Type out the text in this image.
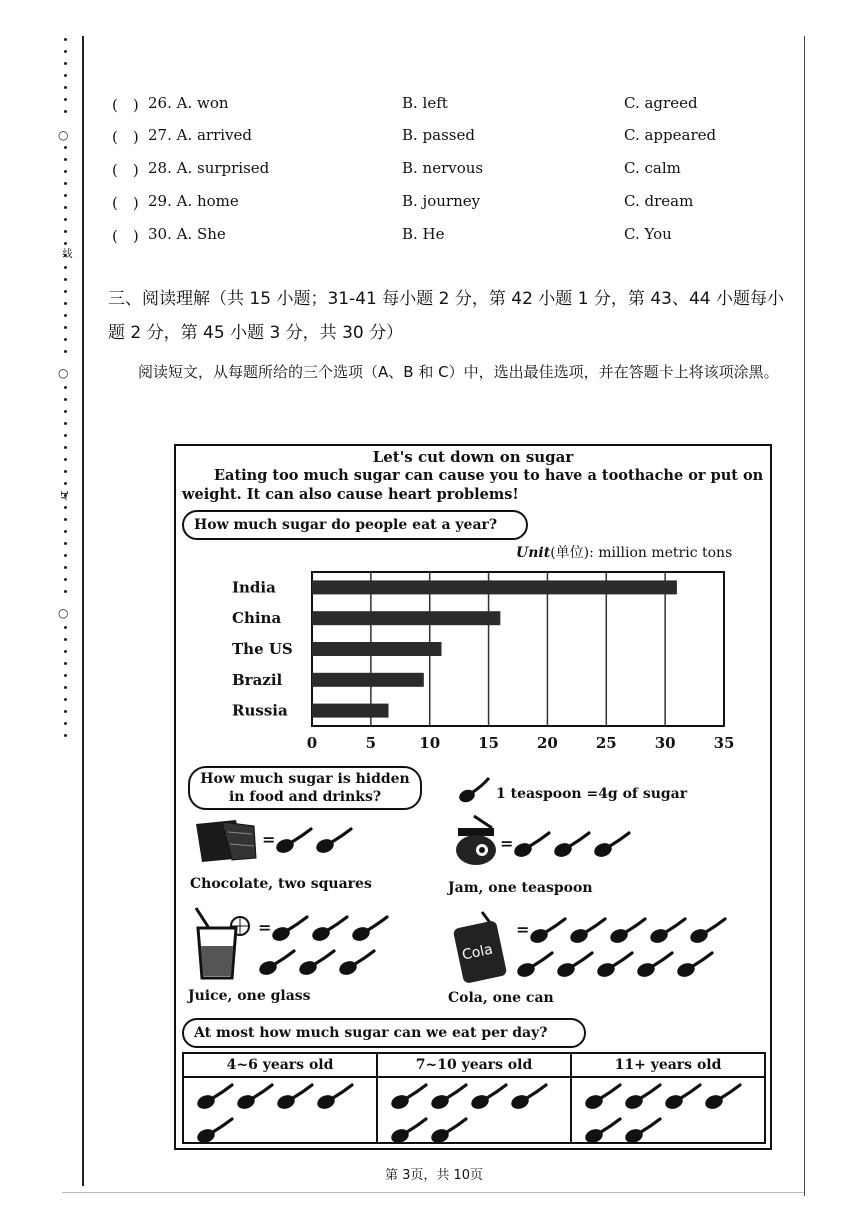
○
线
○
1r
○
(　) 26. A. won	B. left	C. agreed
(　) 27. A. arrived	B. passed	C. appeared
(　) 28. A. surprised	B. nervous	C. calm
(　) 29. A. home	B. journey	C. dream
(　) 30. A. She	B. He	C. You
三、阅读理解（共 15 小题；31-41 每小题 2 分，第 42 小题 1 分，第 43、44 小题每小题 2 分，第 45 小题 3 分，共 30 分）
阅读短文，从每题所给的三个选项（A、B 和 C）中，选出最佳选项，并在答题卡上将该项涂黑。
Let's cut down on sugar
Eating too much sugar can cause you to have a toothache or put on weight. It can also cause heart problems!
How much sugar do people eat a year?
Unit(单位): million metric tons
0	5	10	15	20	25	30	35
India
China
The US
Brazil
Russia
How much sugar is hidden in food and drinks?	1 teaspoon =4g of sugar
=
Chocolate, two squares
=
Jam, one teaspoon
=
Juice, one glass
Cola
=
Cola, one can
At most how much sugar can we eat per day?
4~6 years old	7~10 years old	11+ years old
第 3页，共 10页
